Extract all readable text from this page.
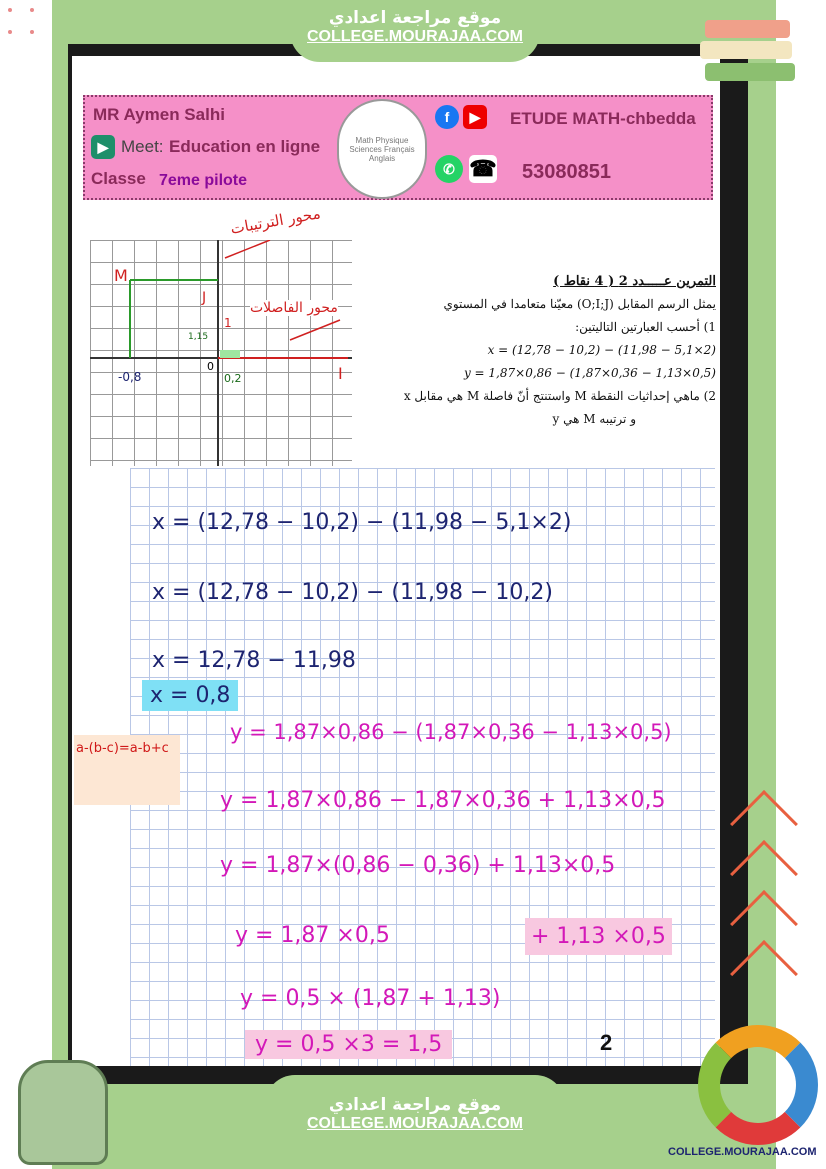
موقع مراجعة اعدادي
COLLEGE.MOURAJAA.COM
MR Aymen Salhi
▶ Meet: Education en ligne
Classe 7eme pilote
Math Physique Sciences Français Anglais
f	▶	ETUDE MATH-chbedda
✆ ☎ 53080851
M
J
I
0
0,2
-0,8
1
1,15
محور الفاصلات
محور الترتيبات
التمرين عـــــدد 2 ( 4 نقاط )
يمثل الرسم المقابل (O;I;J) معيّنا متعامدا في المستوي
1) أحسب العبارتين التاليتين:
x = (12,78 − 10,2) − (11,98 − 5,1×2)
y = 1,87×0,86 − (1,87×0,36 − 1,13×0,5)
2) ماهي إحداثيات النقطة M واستنتج أنّ فاصلة M هي مقابل x
و ترتيبه M هي y
x = (12,78 − 10,2) − (11,98 − 5,1×2)
x = (12,78 − 10,2) − (11,98 − 10,2)
x = 12,78 − 11,98
x = 0,8
y = 1,87×0,86 − (1,87×0,36 − 1,13×0,5)
y = 1,87×0,86 − 1,87×0,36 + 1,13×0,5
y = 1,87×(0,86 − 0,36) + 1,13×0,5
y = 1,87 ×0,5	+ 1,13 ×0,5
y = 0,5 × (1,87 + 1,13)
y = 0,5 ×3 = 1,5
a-(b-c)=a-b+c
2
موقع مراجعة اعدادي
COLLEGE.MOURAJAA.COM
COLLEGE.MOURAJAA.COM
